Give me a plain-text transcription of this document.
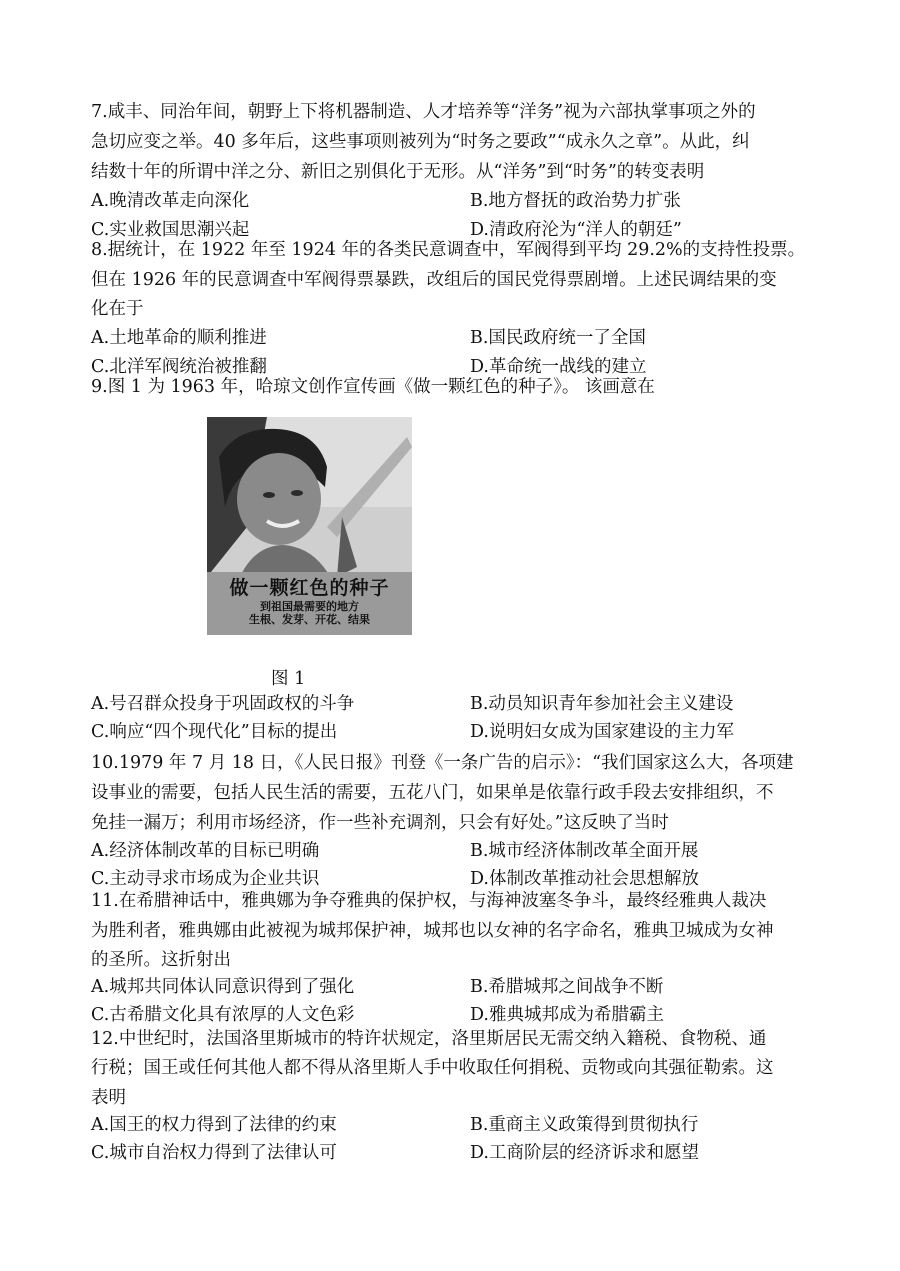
7.咸丰、同治年间，朝野上下将机器制造、人才培养等“洋务”视为六部执掌事项之外的
急切应变之举。40 多年后，这些事项则被列为“时务之要政”“成永久之章”。从此，纠
结数十年的所谓中洋之分、新旧之别俱化于无形。从“洋务”到“时务”的转变表明
A.晚清改革走向深化	B.地方督抚的政治势力扩张
C.实业救国思潮兴起	D.清政府沦为“洋人的朝廷”
8.据统计，在 1922 年至 1924 年的各类民意调查中，军阀得到平均 29.2%的支持性投票。
但在 1926 年的民意调查中军阀得票暴跌，改组后的国民党得票剧增。上述民调结果的变
化在于
A.土地革命的顺利推进	B.国民政府统一了全国
C.北洋军阀统治被推翻	D.革命统一战线的建立
9.图 1 为 1963 年，哈琼文创作宣传画《做一颗红色的种子》。 该画意在
做一颗红色的种子
到祖国最需要的地方
生根、发芽、开花、结果
图 1
A.号召群众投身于巩固政权的斗争	B.动员知识青年参加社会主义建设
C.响应“四个现代化”目标的提出	D.说明妇女成为国家建设的主力军
10.1979 年 7 月 18 日，《人民日报》刊登《一条广告的启示》：“我们国家这么大，各项建
设事业的需要，包括人民生活的需要，五花八门，如果单是依靠行政手段去安排组织，不
免挂一漏万；利用市场经济，作一些补充调剂，只会有好处。”这反映了当时
A.经济体制改革的目标已明确	B.城市经济体制改革全面开展
C.主动寻求市场成为企业共识	D.体制改革推动社会思想解放
11.在希腊神话中，雅典娜为争夺雅典的保护权，与海神波塞冬争斗，最终经雅典人裁决
为胜利者，雅典娜由此被视为城邦保护神，城邦也以女神的名字命名，雅典卫城成为女神
的圣所。这折射出
A.城邦共同体认同意识得到了强化	B.希腊城邦之间战争不断
C.古希腊文化具有浓厚的人文色彩	D.雅典城邦成为希腊霸主
12.中世纪时，法国洛里斯城市的特许状规定，洛里斯居民无需交纳入籍税、食物税、通
行税；国王或任何其他人都不得从洛里斯人手中收取任何捐税、贡物或向其强征勒索。这
表明
A.国王的权力得到了法律的约束	B.重商主义政策得到贯彻执行
C.城市自治权力得到了法律认可	D.工商阶层的经济诉求和愿望
